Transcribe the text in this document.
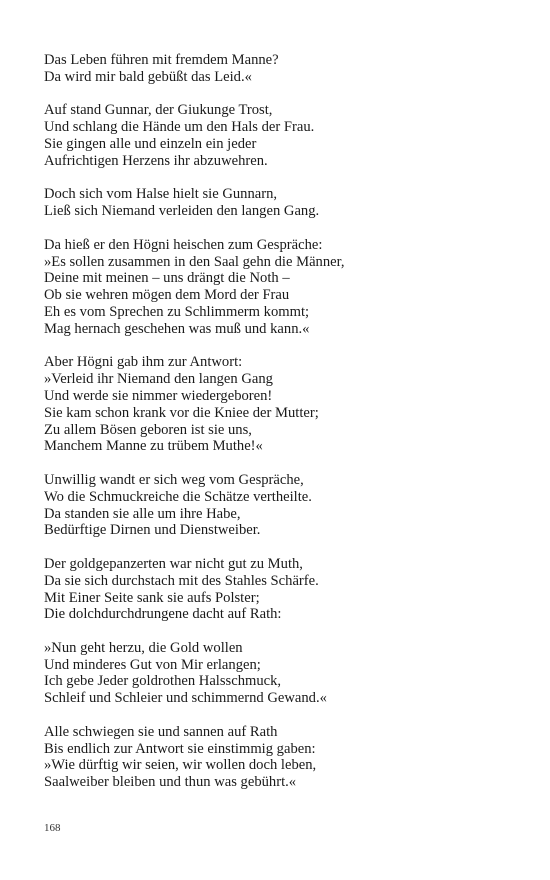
Das Leben führen mit fremdem Manne?
Da wird mir bald gebüßt das Leid.«

Auf stand Gunnar, der Giukunge Trost,
Und schlang die Hände um den Hals der Frau.
Sie gingen alle und einzeln ein jeder
Aufrichtigen Herzens ihr abzuwehren.

Doch sich vom Halse hielt sie Gunnarn,
Ließ sich Niemand verleiden den langen Gang.

Da hieß er den Högni heischen zum Gespräche:
»Es sollen zusammen in den Saal gehn die Männer,
Deine mit meinen – uns drängt die Noth –
Ob sie wehren mögen dem Mord der Frau
Eh es vom Sprechen zu Schlimmerm kommt;
Mag hernach geschehen was muß und kann.«

Aber Högni gab ihm zur Antwort:
»Verleid ihr Niemand den langen Gang
Und werde sie nimmer wiedergeboren!
Sie kam schon krank vor die Kniee der Mutter;
Zu allem Bösen geboren ist sie uns,
Manchem Manne zu trübem Muthe!«

Unwillig wandt er sich weg vom Gespräche,
Wo die Schmuckreiche die Schätze vertheilte.
Da standen sie alle um ihre Habe,
Bedürftige Dirnen und Dienstweiber.

Der goldgepanzerten war nicht gut zu Muth,
Da sie sich durchstach mit des Stahles Schärfe.
Mit Einer Seite sank sie aufs Polster;
Die dolchdurchdrungene dacht auf Rath:

»Nun geht herzu, die Gold wollen
Und minderes Gut von Mir erlangen;
Ich gebe Jeder goldrothen Halsschmuck,
Schleif und Schleier und schimmernd Gewand.«

Alle schwiegen sie und sannen auf Rath
Bis endlich zur Antwort sie einstimmig gaben:
»Wie dürftig wir seien, wir wollen doch leben,
Saalweiber bleiben und thun was gebührt.«

168
